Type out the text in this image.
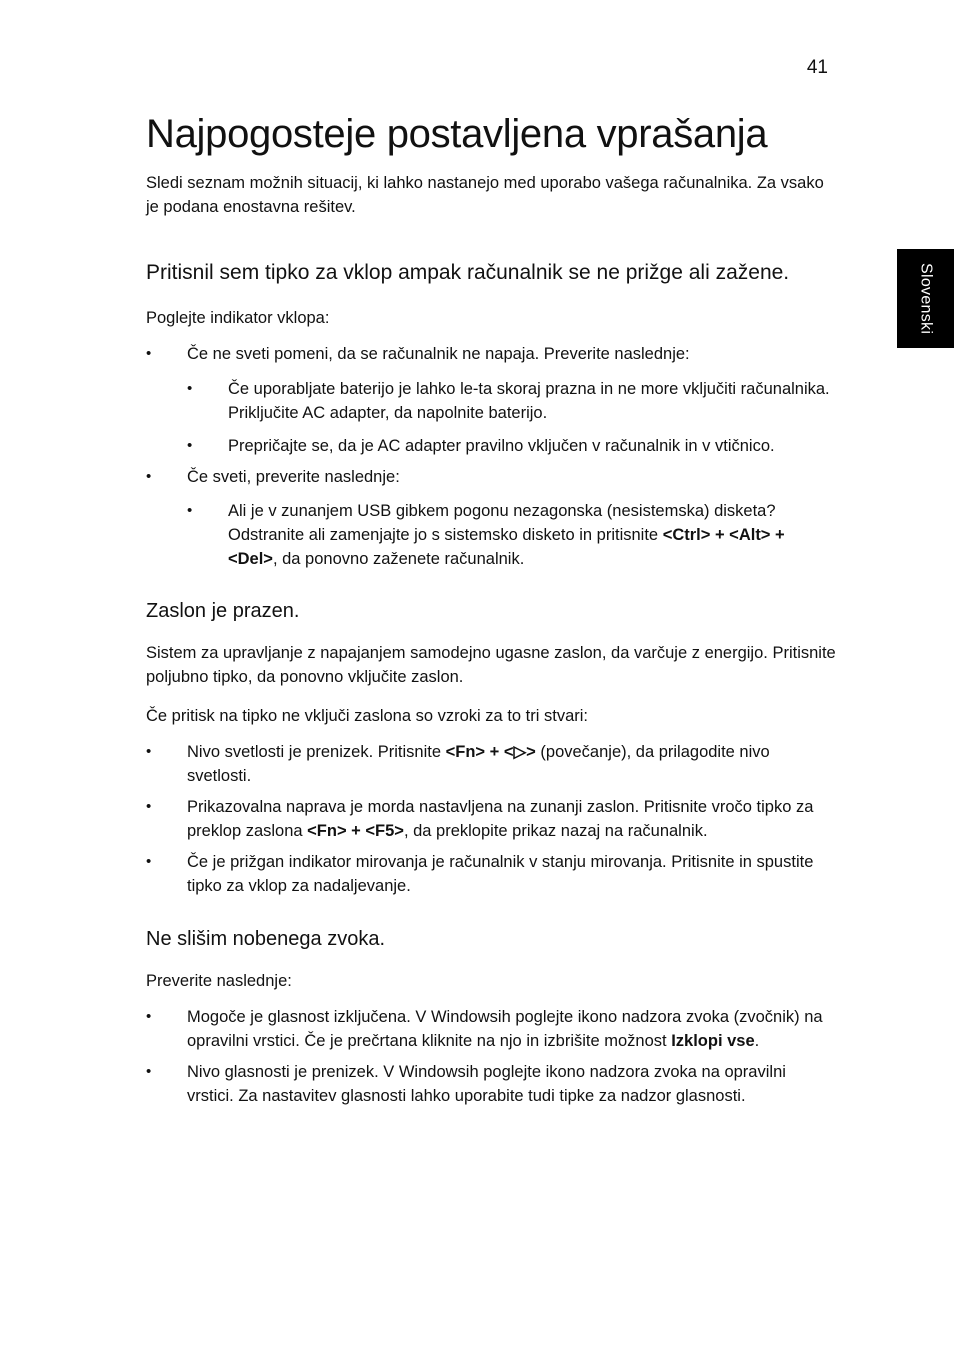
41
Slovenski
Najpogosteje postavljena vprašanja

Sledi seznam možnih situacij, ki lahko nastanejo med uporabo vašega računalnika. Za vsako je podana enostavna rešitev.

Pritisnil sem tipko za vklop ampak računalnik se ne prižge ali zažene.

Poglejte indikator vklopa:

• Če ne sveti pomeni, da se računalnik ne napaja. Preverite naslednje:
• Če uporabljate baterijo je lahko le-ta skoraj prazna in ne more vključiti računalnika. Priključite AC adapter, da napolnite baterijo.
• Prepričajte se, da je AC adapter pravilno vključen v računalnik in v vtičnico.
• Če sveti, preverite naslednje:
• Ali je v zunanjem USB gibkem pogonu nezagonska (nesistemska) disketa? Odstranite ali zamenjajte jo s sistemsko disketo in pritisnite <Ctrl> + <Alt> + <Del>, da ponovno zaženete računalnik.
Zaslon je prazen.

Sistem za upravljanje z napajanjem samodejno ugasne zaslon, da varčuje z energijo. Pritisnite poljubno tipko, da ponovno vključite zaslon.

Če pritisk na tipko ne vključi zaslona so vzroki za to tri stvari:

• Nivo svetlosti je prenizek. Pritisnite <Fn> + <▷> (povečanje), da prilagodite nivo svetlosti.
• Prikazovalna naprava je morda nastavljena na zunanji zaslon. Pritisnite vročo tipko za preklop zaslona <Fn> + <F5>, da preklopite prikaz nazaj na računalnik.
• Če je prižgan indikator mirovanja je računalnik v stanju mirovanja. Pritisnite in spustite tipko za vklop za nadaljevanje.
Ne slišim nobenega zvoka.

Preverite naslednje:

• Mogoče je glasnost izključena. V Windowsih poglejte ikono nadzora zvoka (zvočnik) na opravilni vrstici. Če je prečrtana kliknite na njo in izbrišite možnost Izklopi vse.
• Nivo glasnosti je prenizek. V Windowsih poglejte ikono nadzora zvoka na opravilni vrstici. Za nastavitev glasnosti lahko uporabite tudi tipke za nadzor glasnosti.
